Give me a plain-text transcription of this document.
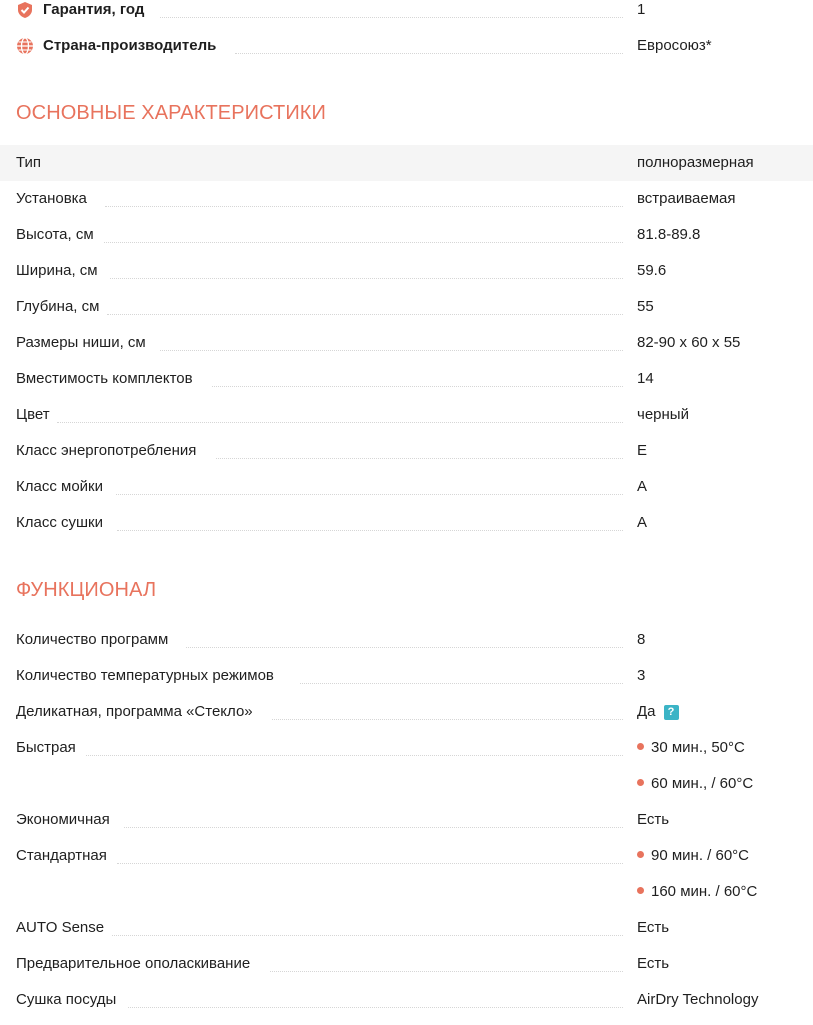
Гарантия, год	1
Страна-производитель	Евросоюз*
ОСНОВНЫЕ ХАРАКТЕРИСТИКИ
Тип	полноразмерная
Установка	встраиваемая
Высота, см	81.8-89.8
Ширина, см	59.6
Глубина, см	55
Размеры ниши, см	82-90 х 60 х 55
Вместимость комплектов	14
Цвет	черный
Класс энергопотребления	E
Класс мойки	A
Класс сушки	A
ФУНКЦИОНАЛ
Количество программ	8
Количество температурных режимов	3
Деликатная, программа «Стекло»	Да ?
Быстрая	30 мин., 50°C
60 мин., / 60°C
Экономичная	Есть
Стандартная	90 мин. / 60°C
160 мин. / 60°C
AUTO Sense	Есть
Предварительное ополаскивание	Есть
Сушка посуды	AirDry Technology
